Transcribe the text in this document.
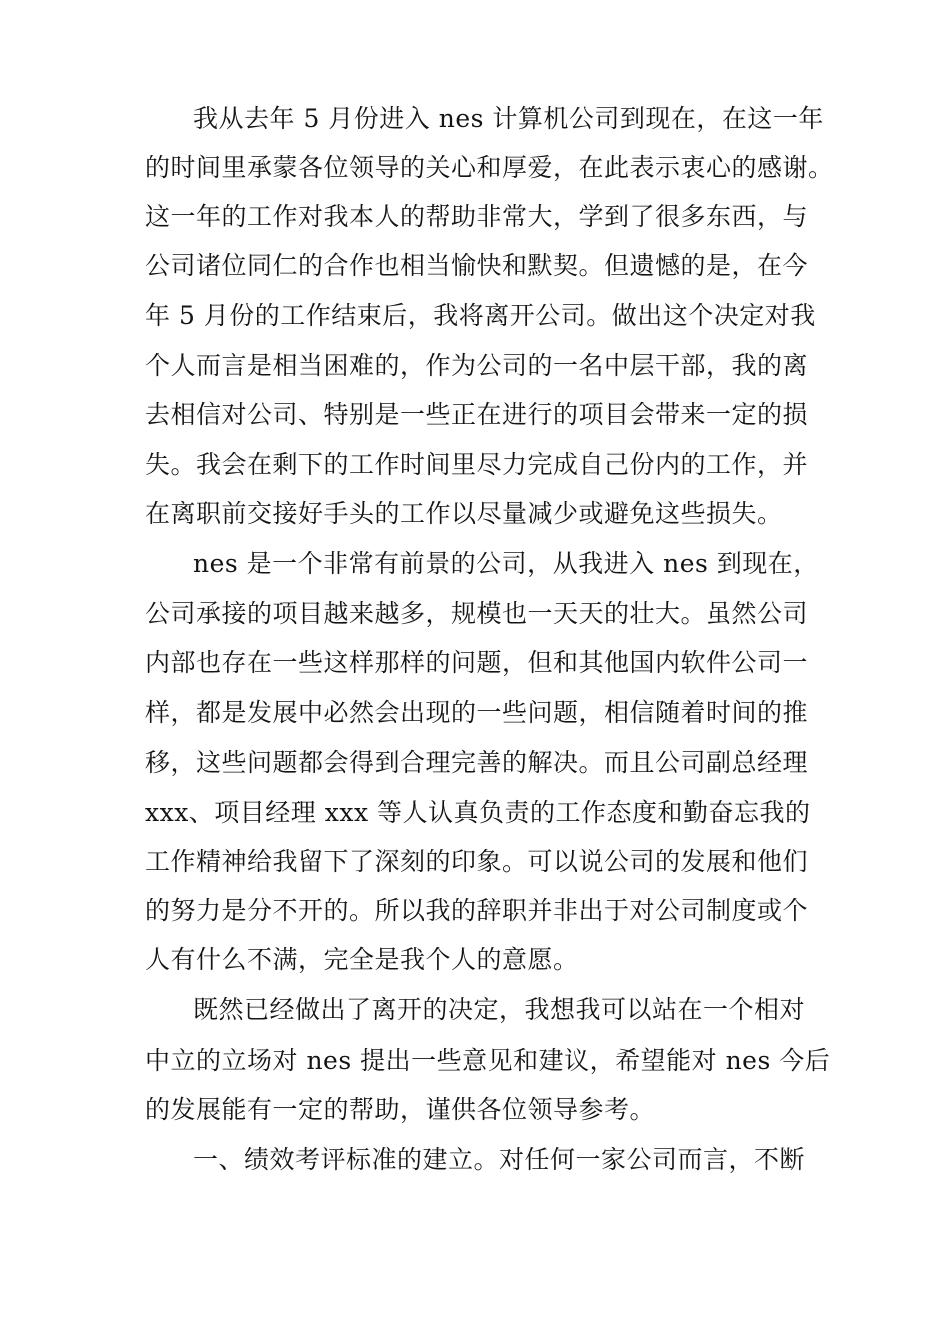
我从去年 5 月份进入 nes 计算机公司到现在，在这一年
的时间里承蒙各位领导的关心和厚爱，在此表示衷心的感谢。
这一年的工作对我本人的帮助非常大，学到了很多东西，与
公司诸位同仁的合作也相当愉快和默契。但遗憾的是，在今
年 5 月份的工作结束后，我将离开公司。做出这个决定对我
个人而言是相当困难的，作为公司的一名中层干部，我的离
去相信对公司、特别是一些正在进行的项目会带来一定的损
失。我会在剩下的工作时间里尽力完成自己份内的工作，并
在离职前交接好手头的工作以尽量减少或避免这些损失。
nes 是一个非常有前景的公司，从我进入 nes 到现在，
公司承接的项目越来越多，规模也一天天的壮大。虽然公司
内部也存在一些这样那样的问题，但和其他国内软件公司一
样，都是发展中必然会出现的一些问题，相信随着时间的推
移，这些问题都会得到合理完善的解决。而且公司副总经理
xxx、项目经理 xxx 等人认真负责的工作态度和勤奋忘我的
工作精神给我留下了深刻的印象。可以说公司的发展和他们
的努力是分不开的。所以我的辞职并非出于对公司制度或个
人有什么不满，完全是我个人的意愿。
既然已经做出了离开的决定，我想我可以站在一个相对
中立的立场对 nes 提出一些意见和建议，希望能对 nes 今后
的发展能有一定的帮助，谨供各位领导参考。
一、绩效考评标准的建立。对任何一家公司而言，不断
